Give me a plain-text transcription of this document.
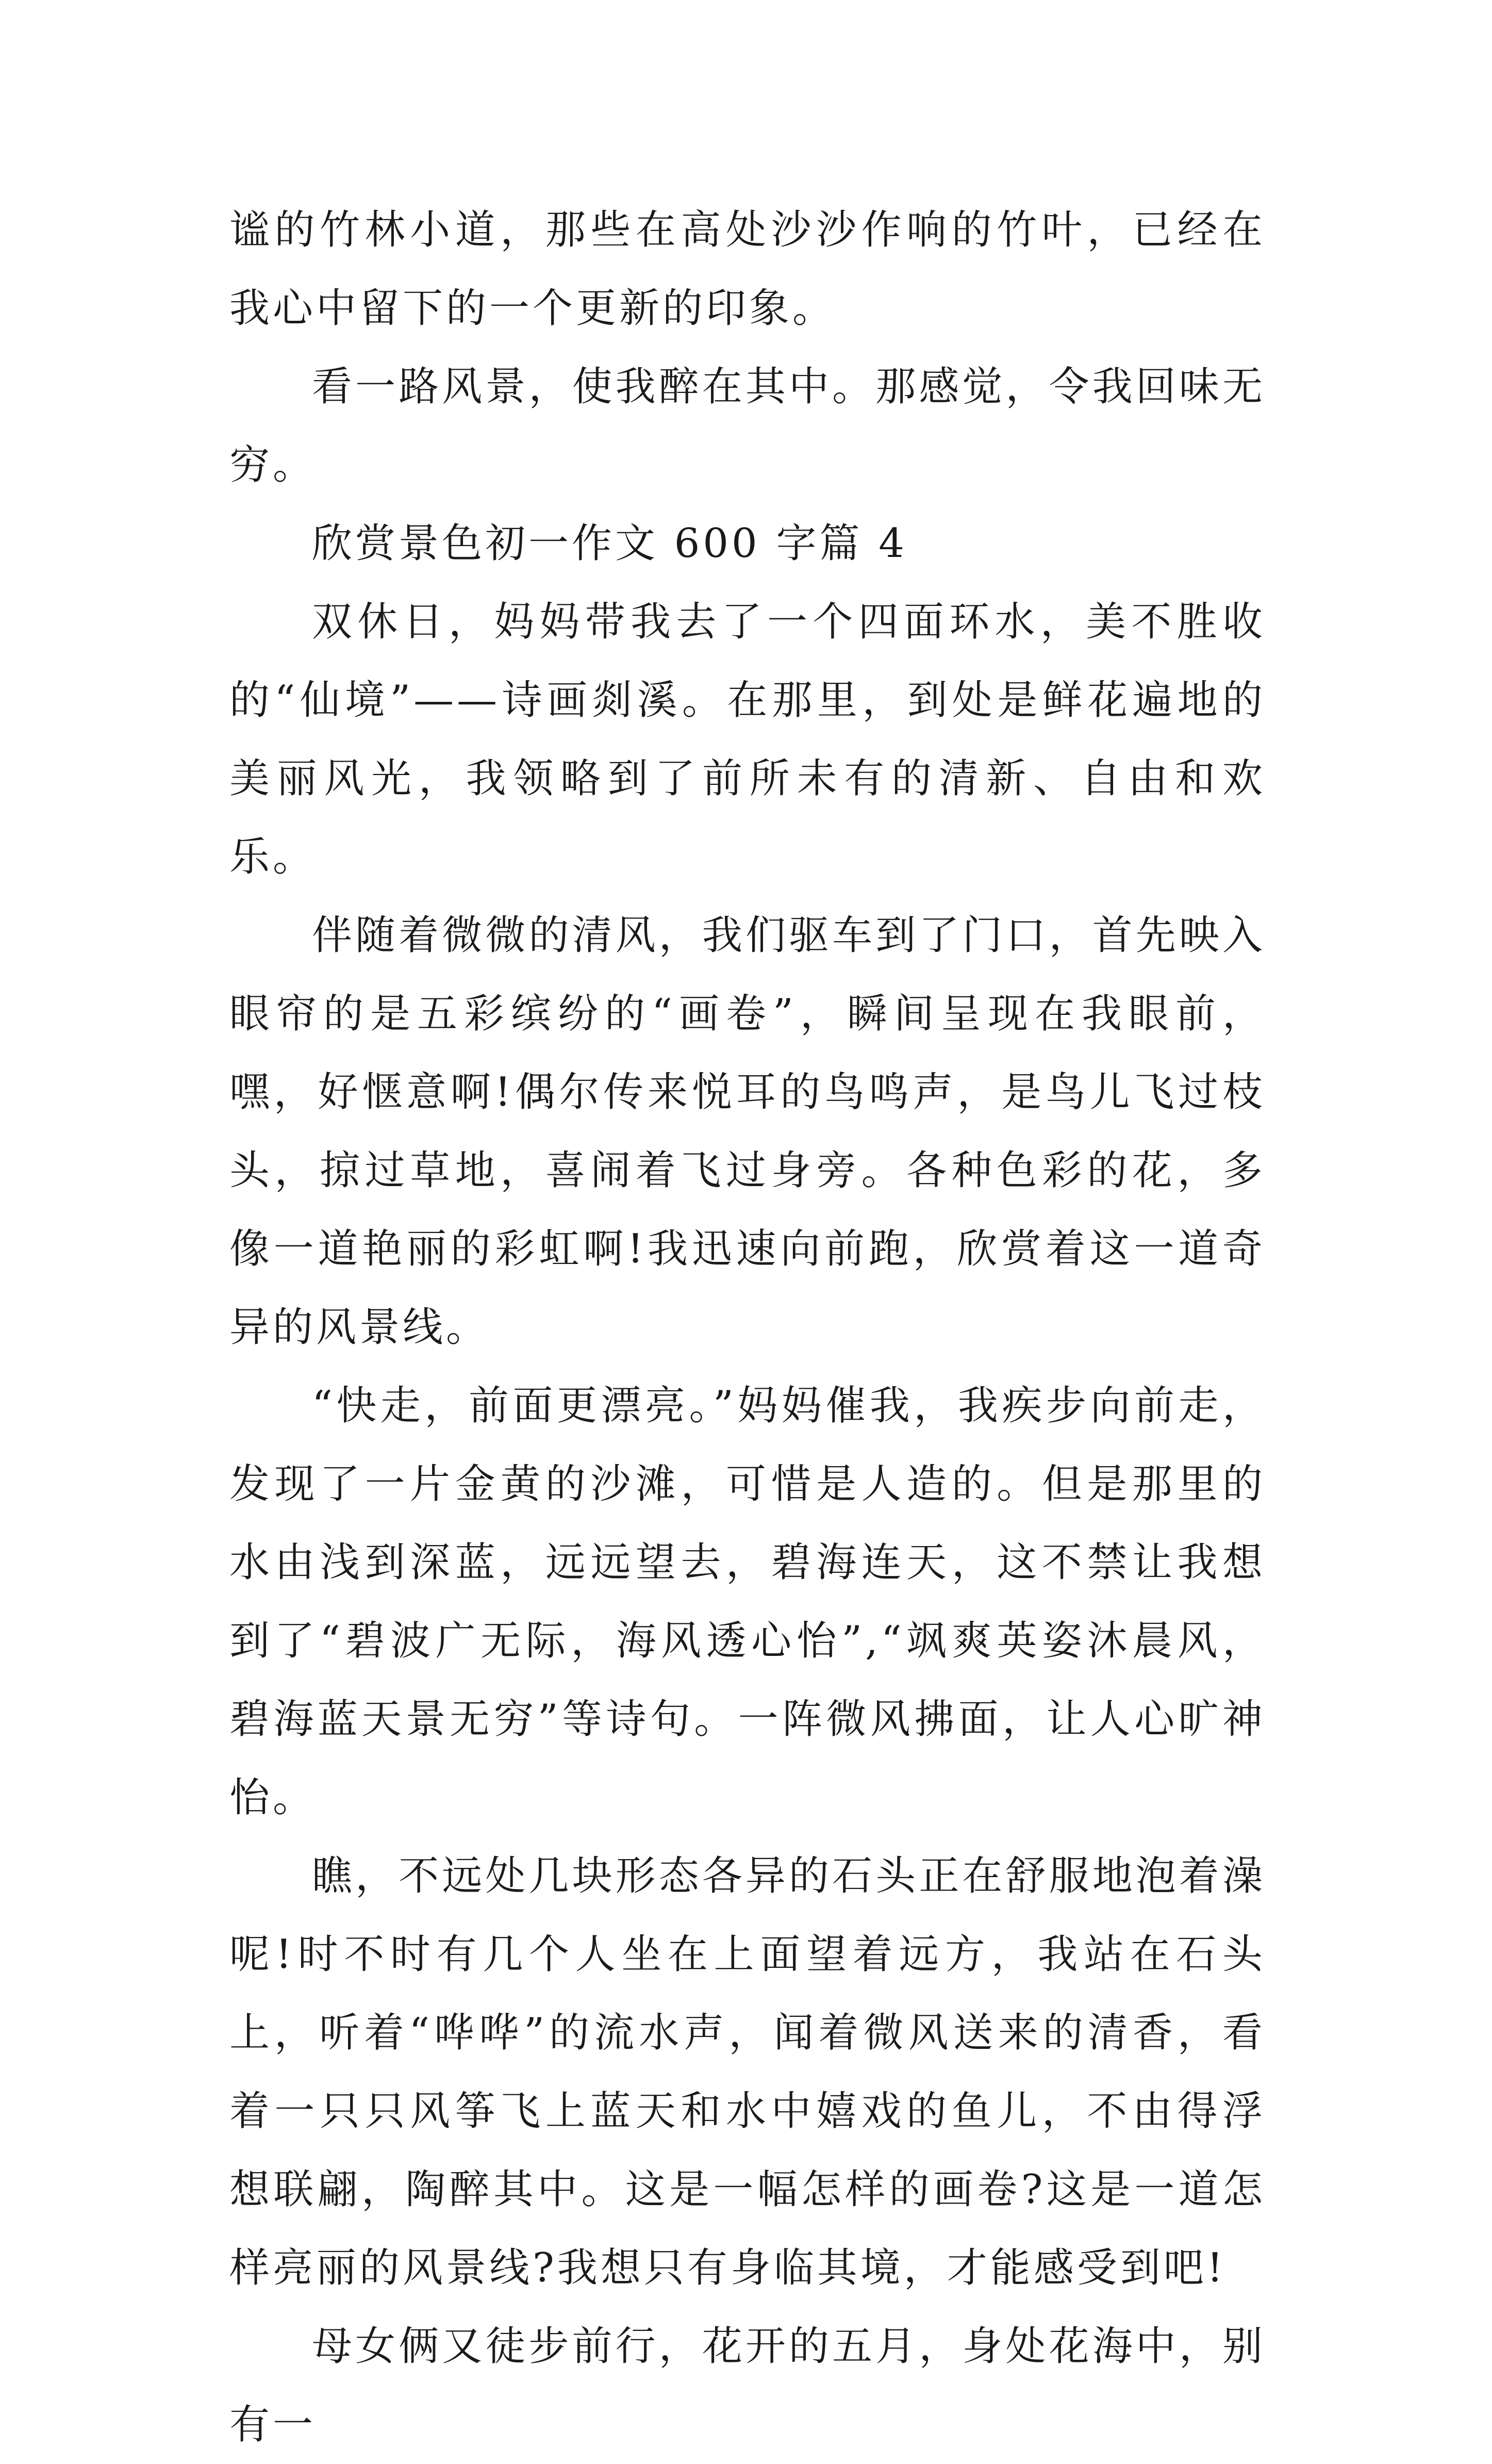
谧的竹林小道，那些在高处沙沙作响的竹叶，已经在我心中留下的一个更新的印象。

看一路风景，使我醉在其中。那感觉，令我回味无穷。

欣赏景色初一作文 600 字篇 4

双休日，妈妈带我去了一个四面环水，美不胜收的“仙境”——诗画剡溪。在那里，到处是鲜花遍地的美丽风光，我领略到了前所未有的清新、自由和欢乐。

伴随着微微的清风，我们驱车到了门口，首先映入眼帘的是五彩缤纷的“画卷”，瞬间呈现在我眼前，嘿，好惬意啊!偶尔传来悦耳的鸟鸣声，是鸟儿飞过枝头，掠过草地，喜闹着飞过身旁。各种色彩的花，多像一道艳丽的彩虹啊!我迅速向前跑，欣赏着这一道奇异的风景线。

“快走，前面更漂亮。”妈妈催我，我疾步向前走，发现了一片金黄的沙滩，可惜是人造的。但是那里的水由浅到深蓝，远远望去，碧海连天，这不禁让我想到了“碧波广无际，海风透心怡”,“飒爽英姿沐晨风，碧海蓝天景无穷”等诗句。一阵微风拂面，让人心旷神怡。

瞧，不远处几块形态各异的石头正在舒服地泡着澡呢!时不时有几个人坐在上面望着远方，我站在石头上，听着“哗哗”的流水声，闻着微风送来的清香，看着一只只风筝飞上蓝天和水中嬉戏的鱼儿，不由得浮想联翩，陶醉其中。这是一幅怎样的画卷?这是一道怎样亮丽的风景线?我想只有身临其境，才能感受到吧!

母女俩又徒步前行，花开的五月，身处花海中，别有一
